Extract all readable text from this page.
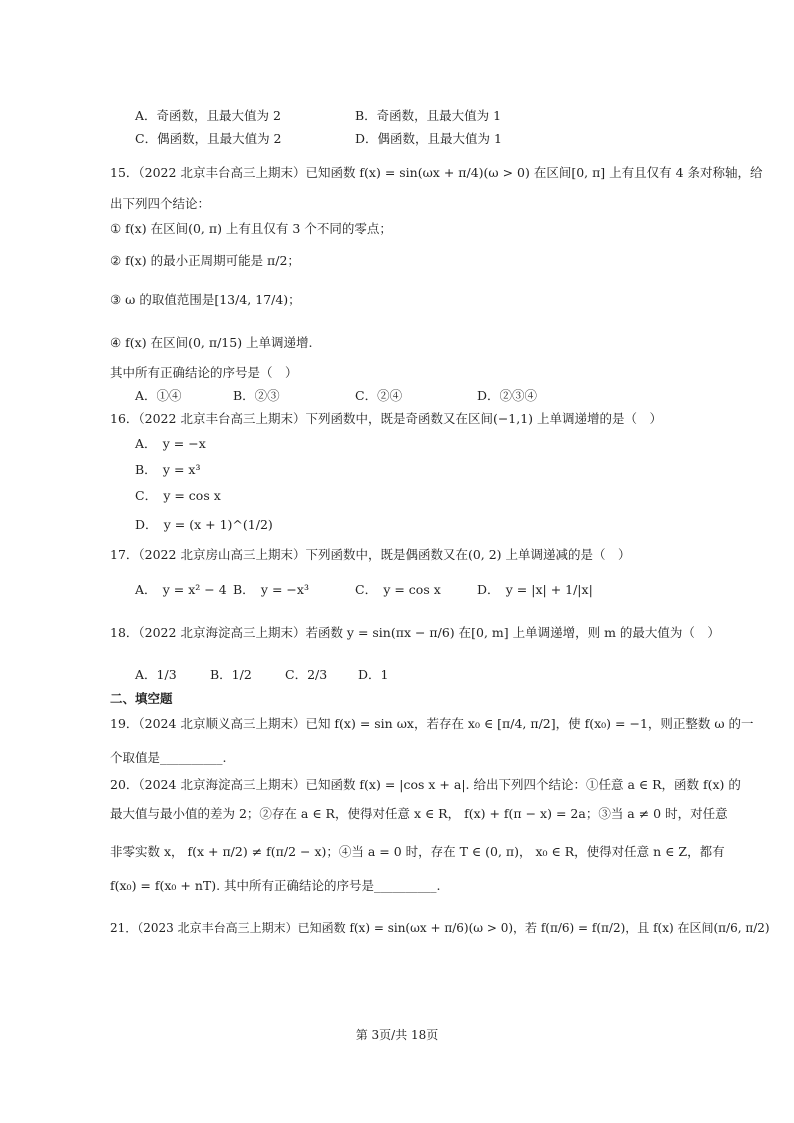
A．奇函数，且最大值为 2	B．奇函数，且最大值为 1
C．偶函数，且最大值为 2	D．偶函数，且最大值为 1
15．（2022 北京丰台高三上期末）已知函数 f(x) = sin(ωx + π/4)(ω > 0) 在区间[0, π] 上有且仅有 4 条对称轴，给
出下列四个结论：
① f(x) 在区间(0, π) 上有且仅有 3 个不同的零点；
② f(x) 的最小正周期可能是 π/2；
③ ω 的取值范围是[13/4, 17/4)；
④ f(x) 在区间(0, π/15) 上单调递增.
其中所有正确结论的序号是（　）
A．①④	B．②③	C．②④	D．②③④
16．（2022 北京丰台高三上期末）下列函数中，既是奇函数又在区间(−1,1) 上单调递增的是（　）
A．　y = −x
B．　y = x³
C．　y = cos x
D．　y = (x + 1)^(1/2)
17．（2022 北京房山高三上期末）下列函数中，既是偶函数又在(0, 2) 上单调递减的是（　）
A．　y = x² − 4 B．　y = −x³	C．　y = cos x	D．　y = |x| + 1/|x|
18．（2022 北京海淀高三上期末）若函数 y = sin(πx − π/6) 在[0, m] 上单调递增，则 m 的最大值为（　）
A．1/3	B．1/2	C．2/3 D．1
二、填空题
19．（2024 北京顺义高三上期末）已知 f(x) = sin ωx，若存在 x₀ ∈ [π/4, π/2]，使 f(x₀) = −1，则正整数 ω 的一
个取值是__________.
20．（2024 北京海淀高三上期末）已知函数 f(x) = |cos x + a|. 给出下列四个结论：①任意 a ∈ R，函数 f(x) 的
最大值与最小值的差为 2；②存在 a ∈ R，使得对任意 x ∈ R， f(x) + f(π − x) = 2a；③当 a ≠ 0 时，对任意
非零实数 x， f(x + π/2) ≠ f(π/2 − x)；④当 a = 0 时，存在 T ∈ (0, π)， x₀ ∈ R，使得对任意 n ∈ Z，都有
f(x₀) = f(x₀ + nT). 其中所有正确结论的序号是__________.
21．（2023 北京丰台高三上期末）已知函数 f(x) = sin(ωx + π/6)(ω > 0)，若 f(π/6) = f(π/2)，且 f(x) 在区间(π/6, π/2)
第 3页/共 18页
